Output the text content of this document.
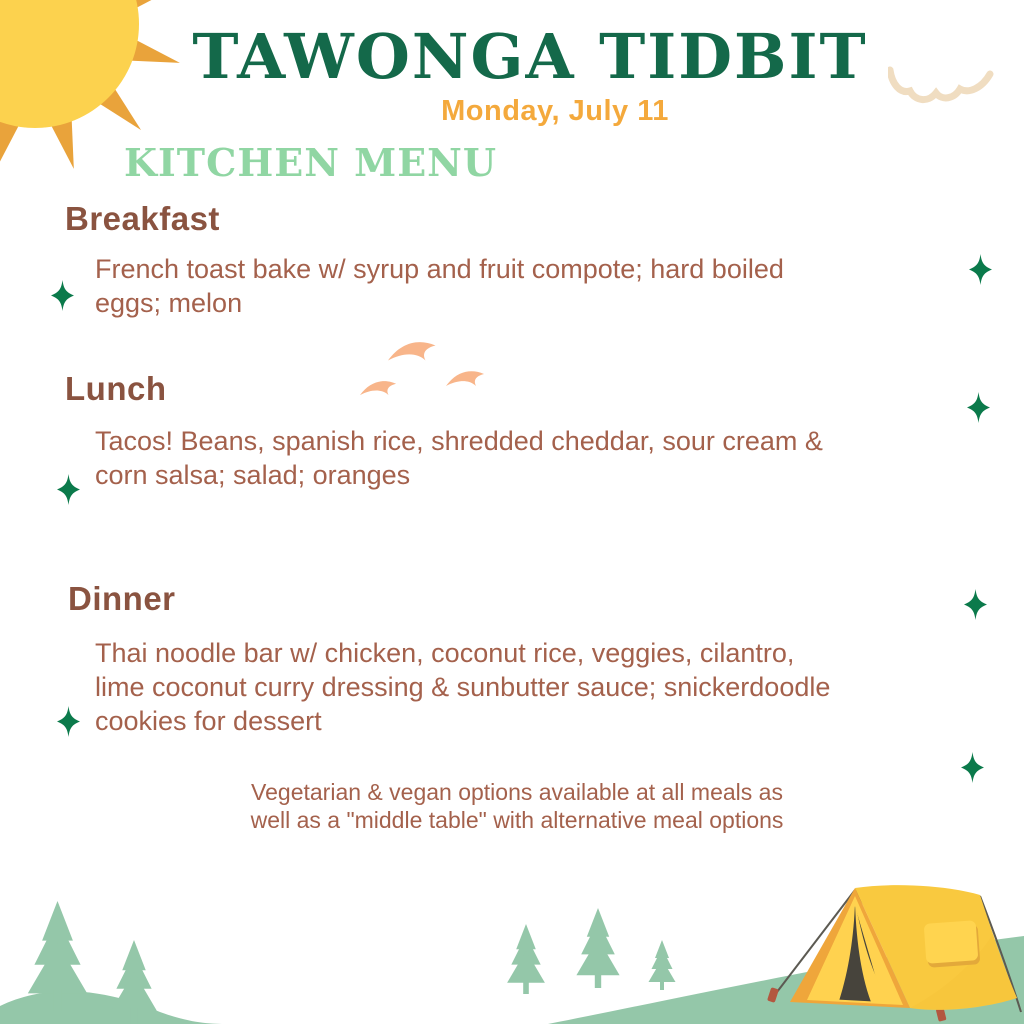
TAWONGA TIDBIT
Monday, July 11
KITCHEN MENU
Breakfast
French toast bake w/ syrup and fruit compote; hard boiled eggs; melon
Lunch
Tacos! Beans, spanish rice, shredded cheddar, sour cream & corn salsa; salad; oranges
Dinner
Thai noodle bar w/ chicken, coconut rice, veggies, cilantro, lime coconut curry dressing & sunbutter sauce; snickerdoodle cookies for dessert
Vegetarian & vegan options available at all meals as well as a "middle table" with alternative meal options
